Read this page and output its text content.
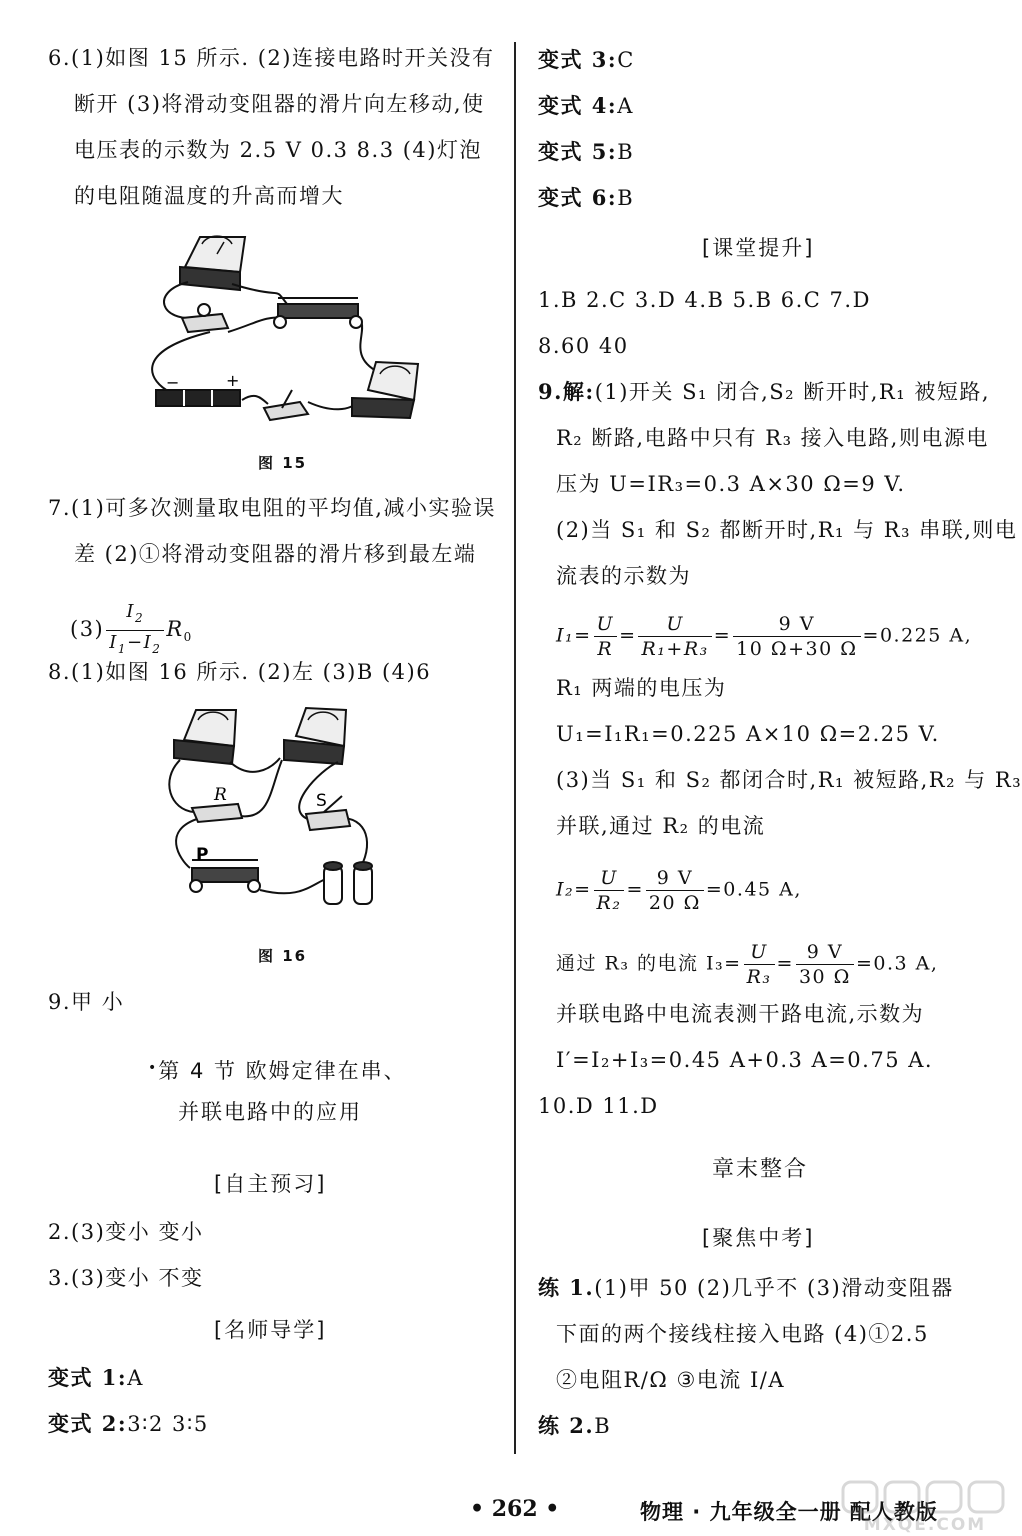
6.(1)如图 15 所示. (2)连接电路时开关没有
断开 (3)将滑动变阻器的滑片向左移动,使
电压表的示数为 2.5 V 0.3 8.3 (4)灯泡
的电阻随温度的升高而增大
−	+
图 15
7.(1)可多次测量取电阻的平均值,减小实验误
差 (2)①将滑动变阻器的滑片移到最左端
$(3) \frac{I_2}{I_1-I_2} R_0$
8.(1)如图 16 所示. (2)左 (3)B (4)6
R	S
P
图 16
9.甲 小
•第 4 节 欧姆定律在串、
并联电路中的应用
[自主预习]
2.(3)变小 变小
3.(3)变小 不变
[名师导学]
变式 1:A
变式 2:3∶2 3∶5
变式 3:C
变式 4:A
变式 5:B
变式 6:B
[课堂提升]
1.B 2.C 3.D 4.B 5.B 6.C 7.D
8.60 40
9.解:(1)开关 S₁ 闭合,S₂ 断开时,R₁ 被短路,
R₂ 断路,电路中只有 R₃ 接入电路,则电源电
压为 U=IR₃=0.3 A×30 Ω=9 V.
(2)当 S₁ 和 S₂ 都断开时,R₁ 与 R₃ 串联,则电
流表的示数为
$I_1= \frac{U}{R} = \frac{U}{\text{R₁+R₃}} = \frac{9 V}{10 \Omega+30 \Omega} =0.225$ A,
R₁ 两端的电压为
U₁=I₁R₁=0.225 A×10 Ω=2.25 V.
(3)当 S₁ 和 S₂ 都闭合时,R₁ 被短路,R₂ 与 R₃
并联,通过 R₂ 的电流
$I_2= \frac{U}{\text{R₂}} = \frac{9 V}{20 \Omega} =0.45$ A,
通过 R₃ 的电流 $I_3= \frac{U}{\text{R₃}} = \frac{9 V}{30 \Omega} =0.3$ A,
并联电路中电流表测干路电流,示数为
I′=I₂+I₃=0.45 A+0.3 A=0.75 A.
10.D 11.D
章末整合
[聚焦中考]
练 1.(1)甲 50 (2)几乎不 (3)滑动变阻器
下面的两个接线柱接入电路 (4)①2.5
②电阻R/Ω ③电流 I/A
练 2.B
• 262 •	物理 · 九年级全一册 配人教版
MXQE.COM
